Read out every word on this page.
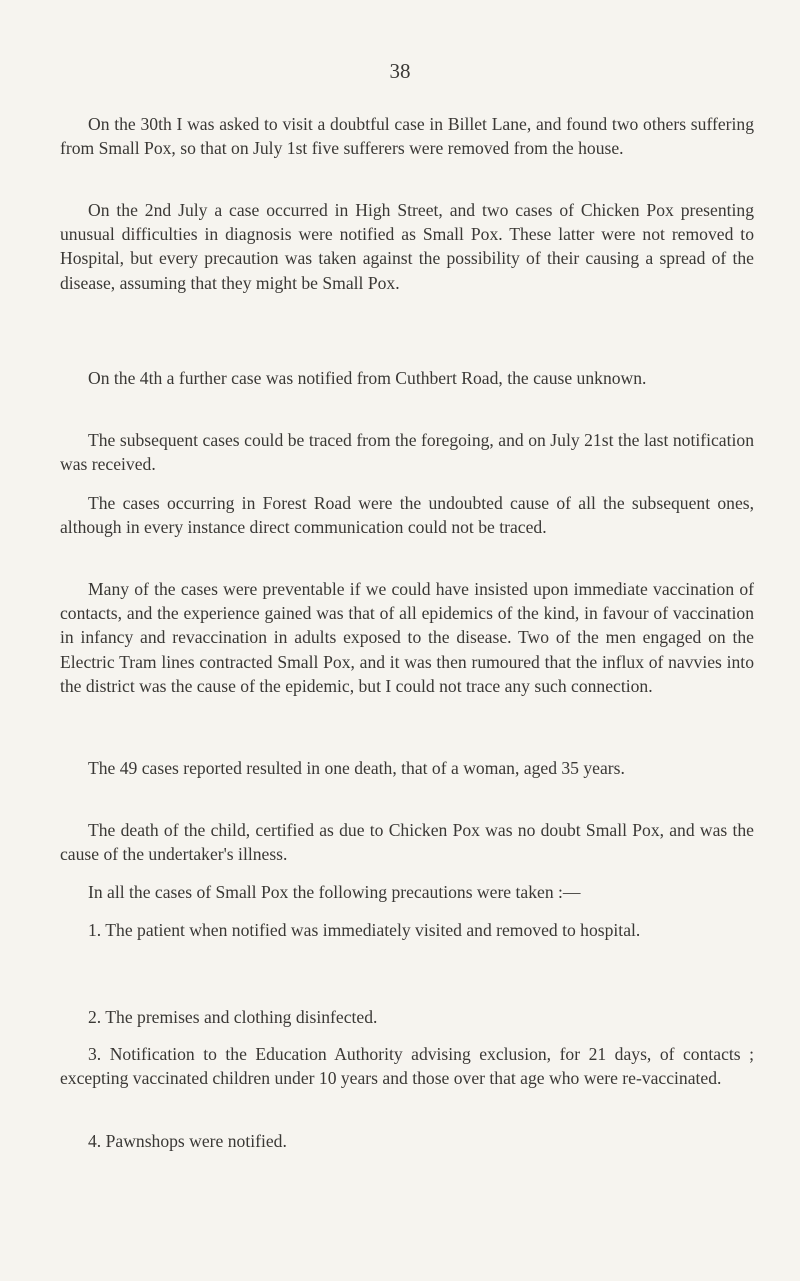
38

On the 30th I was asked to visit a doubtful case in Billet Lane, and found two others suffering from Small Pox, so that on July 1st five sufferers were removed from the house.

On the 2nd July a case occurred in High Street, and two cases of Chicken Pox presenting unusual difficulties in diagnosis were notified as Small Pox. These latter were not removed to Hospital, but every precaution was taken against the possibility of their causing a spread of the disease, assuming that they might be Small Pox.

On the 4th a further case was notified from Cuthbert Road, the cause unknown.

The subsequent cases could be traced from the foregoing, and on July 21st the last notification was received.

The cases occurring in Forest Road were the undoubted cause of all the subsequent ones, although in every instance direct communication could not be traced.

Many of the cases were preventable if we could have insisted upon immediate vaccination of contacts, and the experience gained was that of all epidemics of the kind, in favour of vaccination in infancy and revaccination in adults exposed to the disease. Two of the men engaged on the Electric Tram lines contracted Small Pox, and it was then rumoured that the influx of navvies into the district was the cause of the epidemic, but I could not trace any such connection.

The 49 cases reported resulted in one death, that of a woman, aged 35 years.

The death of the child, certified as due to Chicken Pox was no doubt Small Pox, and was the cause of the undertaker's illness.

In all the cases of Small Pox the following precautions were taken :—

1. The patient when notified was immediately visited and removed to hospital.

2. The premises and clothing disinfected.

3. Notification to the Education Authority advising exclusion, for 21 days, of contacts ; excepting vaccinated children under 10 years and those over that age who were re-vaccinated.

4. Pawnshops were notified.
